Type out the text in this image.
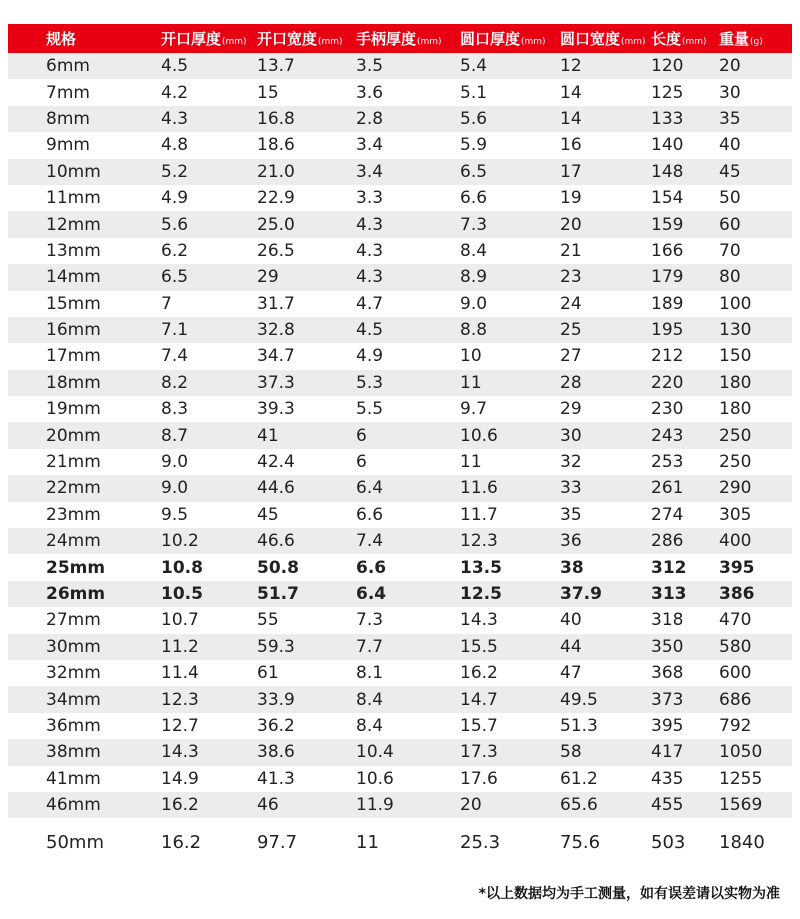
规格	开口厚度(mm) 开口宽度(mm) 手柄厚度(mm)	圆口厚度(mm) 圆口宽度(mm) 长度(mm) 重量(g)
6mm	4.5	13.7	3.5	5.4	12	120	20
7mm	4.2	15	3.6	5.1	14	125	30
8mm	4.3	16.8	2.8	5.6	14	133	35
9mm	4.8	18.6	3.4	5.9	16	140	40
10mm	5.2	21.0	3.4	6.5	17	148	45
11mm	4.9	22.9	3.3	6.6	19	154	50
12mm	5.6	25.0	4.3	7.3	20	159	60
13mm	6.2	26.5	4.3	8.4	21	166	70
14mm	6.5	29	4.3	8.9	23	179	80
15mm	7	31.7	4.7	9.0	24	189	100
16mm	7.1	32.8	4.5	8.8	25	195	130
17mm	7.4	34.7	4.9	10	27	212	150
18mm	8.2	37.3	5.3	11	28	220	180
19mm	8.3	39.3	5.5	9.7	29	230	180
20mm	8.7	41	6	10.6	30	243	250
21mm	9.0	42.4	6	11	32	253	250
22mm	9.0	44.6	6.4	11.6	33	261	290
23mm	9.5	45	6.6	11.7	35	274	305
24mm	10.2	46.6	7.4	12.3	36	286	400
25mm	10.8	50.8	6.6	13.5	38	312	395
26mm	10.5	51.7	6.4	12.5	37.9	313	386
27mm	10.7	55	7.3	14.3	40	318	470
30mm	11.2	59.3	7.7	15.5	44	350	580
32mm	11.4	61	8.1	16.2	47	368	600
34mm	12.3	33.9	8.4	14.7	49.5	373	686
36mm	12.7	36.2	8.4	15.7	51.3	395	792
38mm	14.3	38.6	10.4	17.3	58	417	1050
41mm	14.9	41.3	10.6	17.6	61.2	435	1255
46mm	16.2	46	11.9	20	65.6	455	1569
50mm	16.2	97.7	11	25.3	75.6	503	1840
*以上数据均为手工测量，如有误差请以实物为准
